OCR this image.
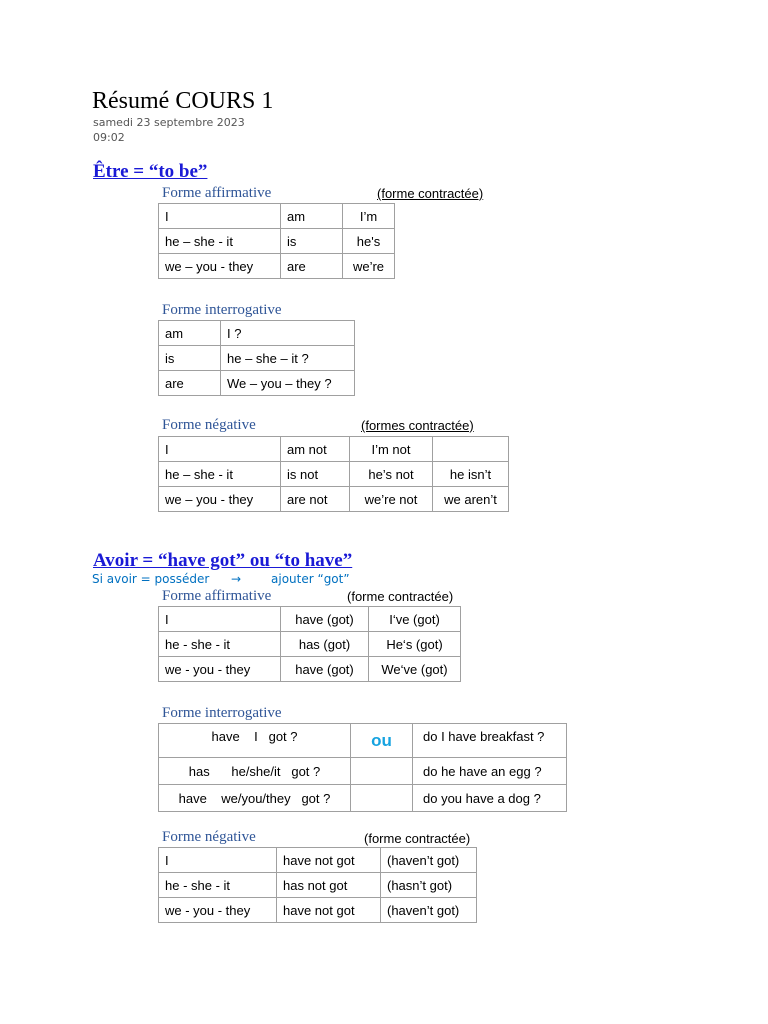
Résumé COURS 1
samedi 23 septembre 2023
09:02
Être = “to be”
Forme affirmative	(forme contractée)
I	am	I’m
he – she - it	is	he's
we – you - they	are	we’re
Forme interrogative
am	I ?
is	he – she – it ?
are	We – you – they ?
Forme négative	(formes contractée)
I	am not	I’m not	
he – she - it	is not	he’s not	he isn’t
we – you - they	are not	we’re not	we aren’t
Avoir = “have got” ou “to have”
Si avoir = posséder → ajouter “got”
Forme affirmative	(forme contractée)
I	have (got)	I‘ve (got)
he - she - it	has (got)	He‘s (got)
we - you - they	have (got)	We‘ve (got)
Forme interrogative
have    I   got ?	ou	do I have breakfast ?
has      he/she/it   got ?		do he have an egg ?
have    we/you/they   got ?		do you have a dog ?
Forme négative	(forme contractée)
I	have not got	(haven’t got)
he - she - it	has not got	(hasn’t got)
we - you - they	have not got	(haven’t got)
